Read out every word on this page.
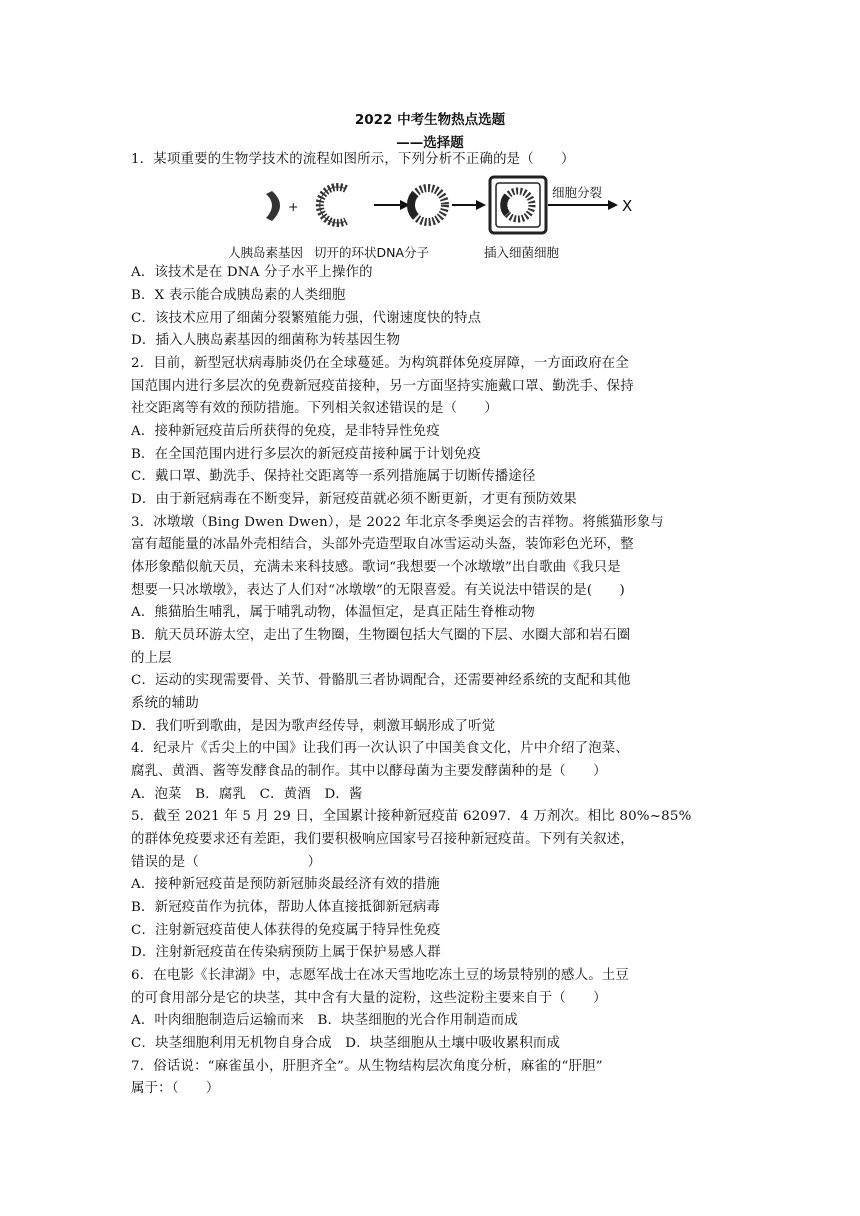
2022 中考生物热点选题
——选择题
1．某项重要的生物学技术的流程如图所示，下列分析不正确的是（　　）
+
人胰岛素基因 切开的环状DNA分子	插入细菌细胞
细胞分裂
X
A．该技术是在 DNA 分子水平上操作的
B．X 表示能合成胰岛素的人类细胞
C．该技术应用了细菌分裂繁殖能力强，代谢速度快的特点
D．插入人胰岛素基因的细菌称为转基因生物
2．目前，新型冠状病毒肺炎仍在全球蔓延。为构筑群体免疫屏障，一方面政府在全
国范围内进行多层次的免费新冠疫苗接种，另一方面坚持实施戴口罩、勤洗手、保持
社交距离等有效的预防措施。下列相关叙述错误的是（　　）
A．接种新冠疫苗后所获得的免疫，是非特异性免疫
B．在全国范围内进行多层次的新冠疫苗接种属于计划免疫
C．戴口罩、勤洗手、保持社交距离等一系列措施属于切断传播途径
D．由于新冠病毒在不断变异，新冠疫苗就必须不断更新，才更有预防效果
3．冰墩墩（Bing Dwen Dwen），是 2022 年北京冬季奥运会的吉祥物。将熊猫形象与
富有超能量的冰晶外壳相结合，头部外壳造型取自冰雪运动头盔，装饰彩色光环，整
体形象酷似航天员，充满未来科技感。歌词“我想要一个冰墩墩”出自歌曲《我只是
想要一只冰墩墩》，表达了人们对“冰墩墩”的无限喜爱。有关说法中错误的是(　　)
A．熊猫胎生哺乳，属于哺乳动物，体温恒定，是真正陆生脊椎动物
B．航天员环游太空，走出了生物圈，生物圈包括大气圈的下层、水圈大部和岩石圈
的上层
C．运动的实现需要骨、关节、骨骼肌三者协调配合，还需要神经系统的支配和其他
系统的辅助
D．我们听到歌曲，是因为歌声经传导，刺激耳蜗形成了听觉
4．纪录片《舌尖上的中国》让我们再一次认识了中国美食文化，片中介绍了泡菜、
腐乳、黄酒、酱等发酵食品的制作。其中以酵母菌为主要发酵菌种的是（　　）
A．泡菜　B．腐乳　C．黄酒　D．酱
5．截至 2021 年 5 月 29 日，全国累计接种新冠疫苗 62097．4 万剂次。相比 80%~85%
的群体免疫要求还有差距，我们要积极响应国家号召接种新冠疫苗。下列有关叙述，
错误的是（　　　　　　　　）
A．接种新冠疫苗是预防新冠肺炎最经济有效的措施
B．新冠疫苗作为抗体，帮助人体直接抵御新冠病毒
C．注射新冠疫苗使人体获得的免疫属于特异性免疫
D．注射新冠疫苗在传染病预防上属于保护易感人群
6．在电影《长津湖》中，志愿军战士在冰天雪地吃冻土豆的场景特别的感人。土豆
的可食用部分是它的块茎，其中含有大量的淀粉，这些淀粉主要来自于（　　）
A．叶肉细胞制造后运输而来　B．块茎细胞的光合作用制造而成
C．块茎细胞利用无机物自身合成　D．块茎细胞从土壤中吸收累积而成
7．俗话说：“麻雀虽小，肝胆齐全”。从生物结构层次角度分析，麻雀的“肝胆”
属于：（　　）
